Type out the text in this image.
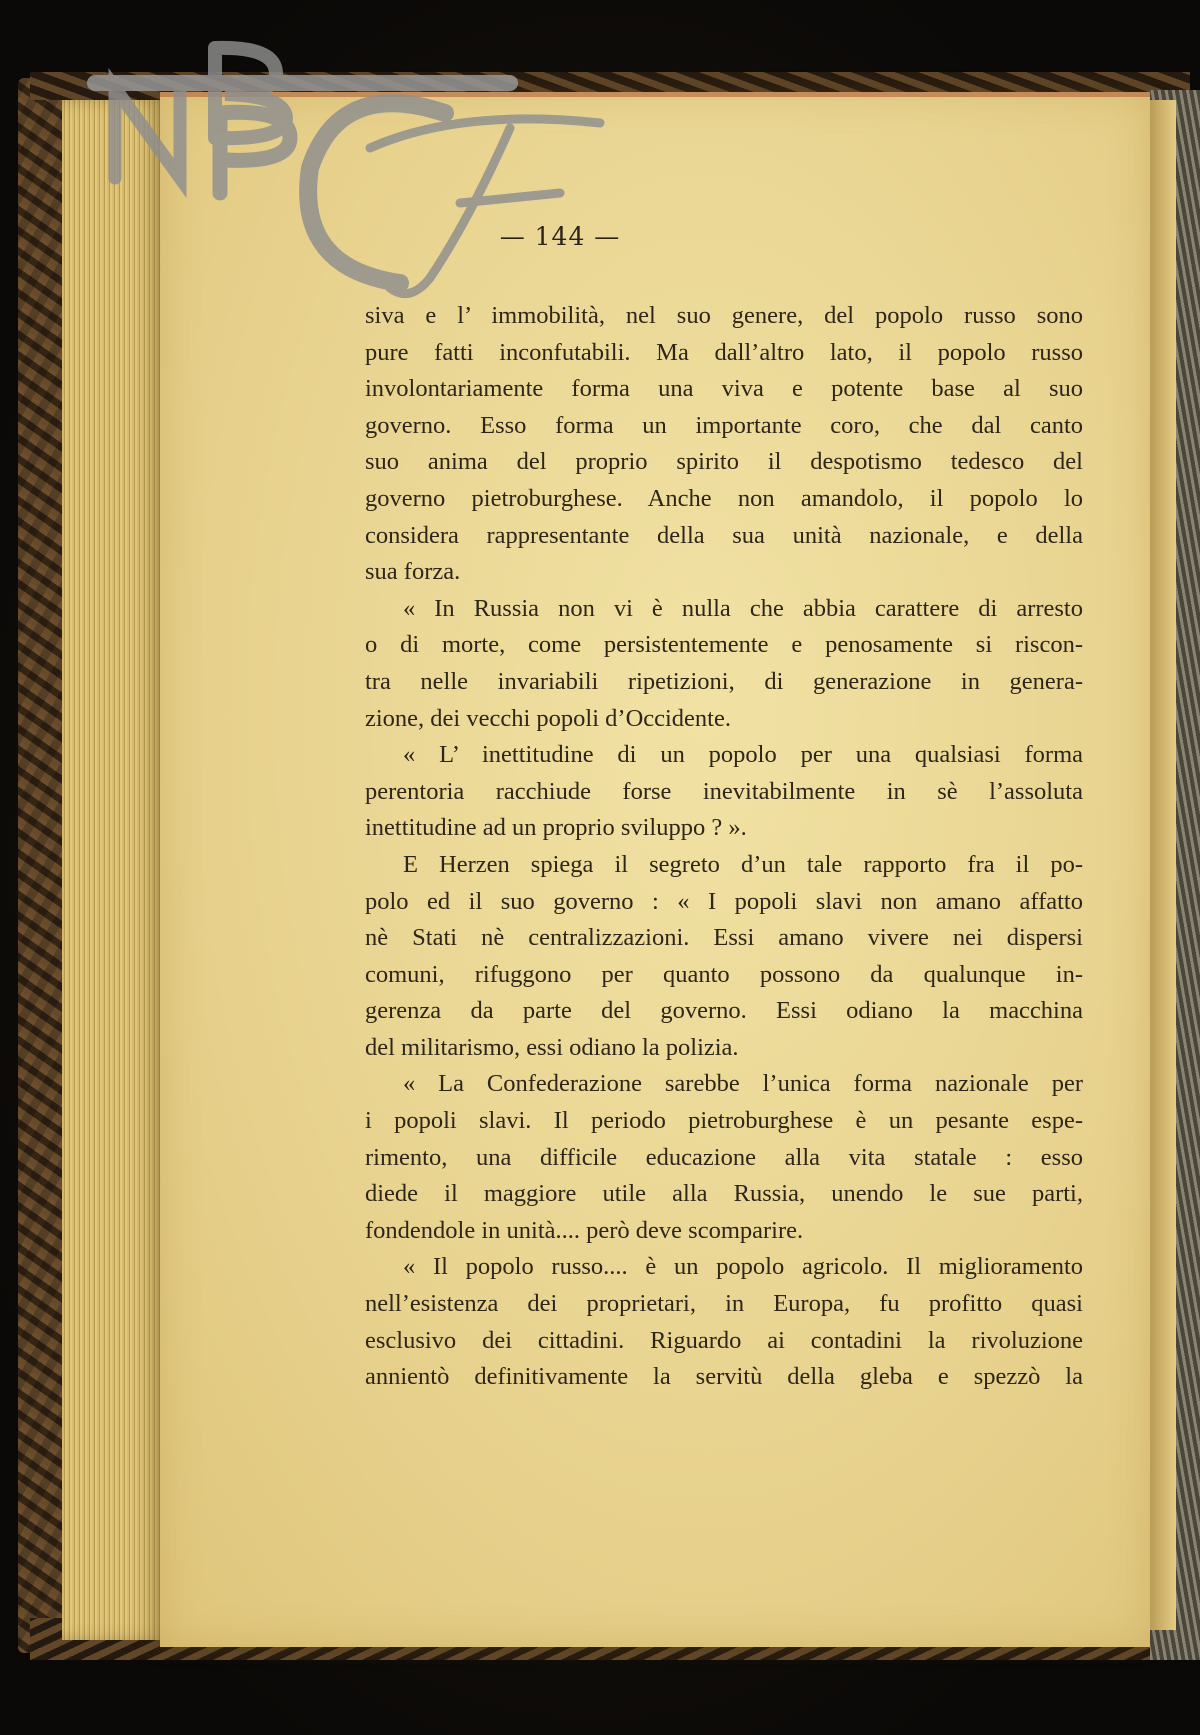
— 144 —
siva e l’ immobilità, nel suo genere, del popolo russo sono
pure fatti inconfutabili. Ma dall’altro lato, il popolo russo
involontariamente forma una viva e potente base al suo
governo. Esso forma un importante coro, che dal canto
suo anima del proprio spirito il despotismo tedesco del
governo pietroburghese. Anche non amandolo, il popolo lo
considera rappresentante della sua unità nazionale, e della
sua forza.
« In Russia non vi è nulla che abbia carattere di arresto
o di morte, come persistentemente e penosamente si riscon-
tra nelle invariabili ripetizioni, di generazione in genera-
zione, dei vecchi popoli d’Occidente.
« L’ inettitudine di un popolo per una qualsiasi forma
perentoria racchiude forse inevitabilmente in sè l’assoluta
inettitudine ad un proprio sviluppo ? ».
E Herzen spiega il segreto d’un tale rapporto fra il po-
polo ed il suo governo : « I popoli slavi non amano affatto
nè Stati nè centralizzazioni. Essi amano vivere nei dispersi
comuni, rifuggono per quanto possono da qualunque in-
gerenza da parte del governo. Essi odiano la macchina
del militarismo, essi odiano la polizia.
« La Confederazione sarebbe l’unica forma nazionale per
i popoli slavi. Il periodo pietroburghese è un pesante espe-
rimento, una difficile educazione alla vita statale : esso
diede il maggiore utile alla Russia, unendo le sue parti,
fondendole in unità.... però deve scomparire.
« Il popolo russo.... è un popolo agricolo. Il miglioramento
nell’esistenza dei proprietari, in Europa, fu profitto quasi
esclusivo dei cittadini. Riguardo ai contadini la rivoluzione
annientò definitivamente la servitù della gleba e spezzò la
